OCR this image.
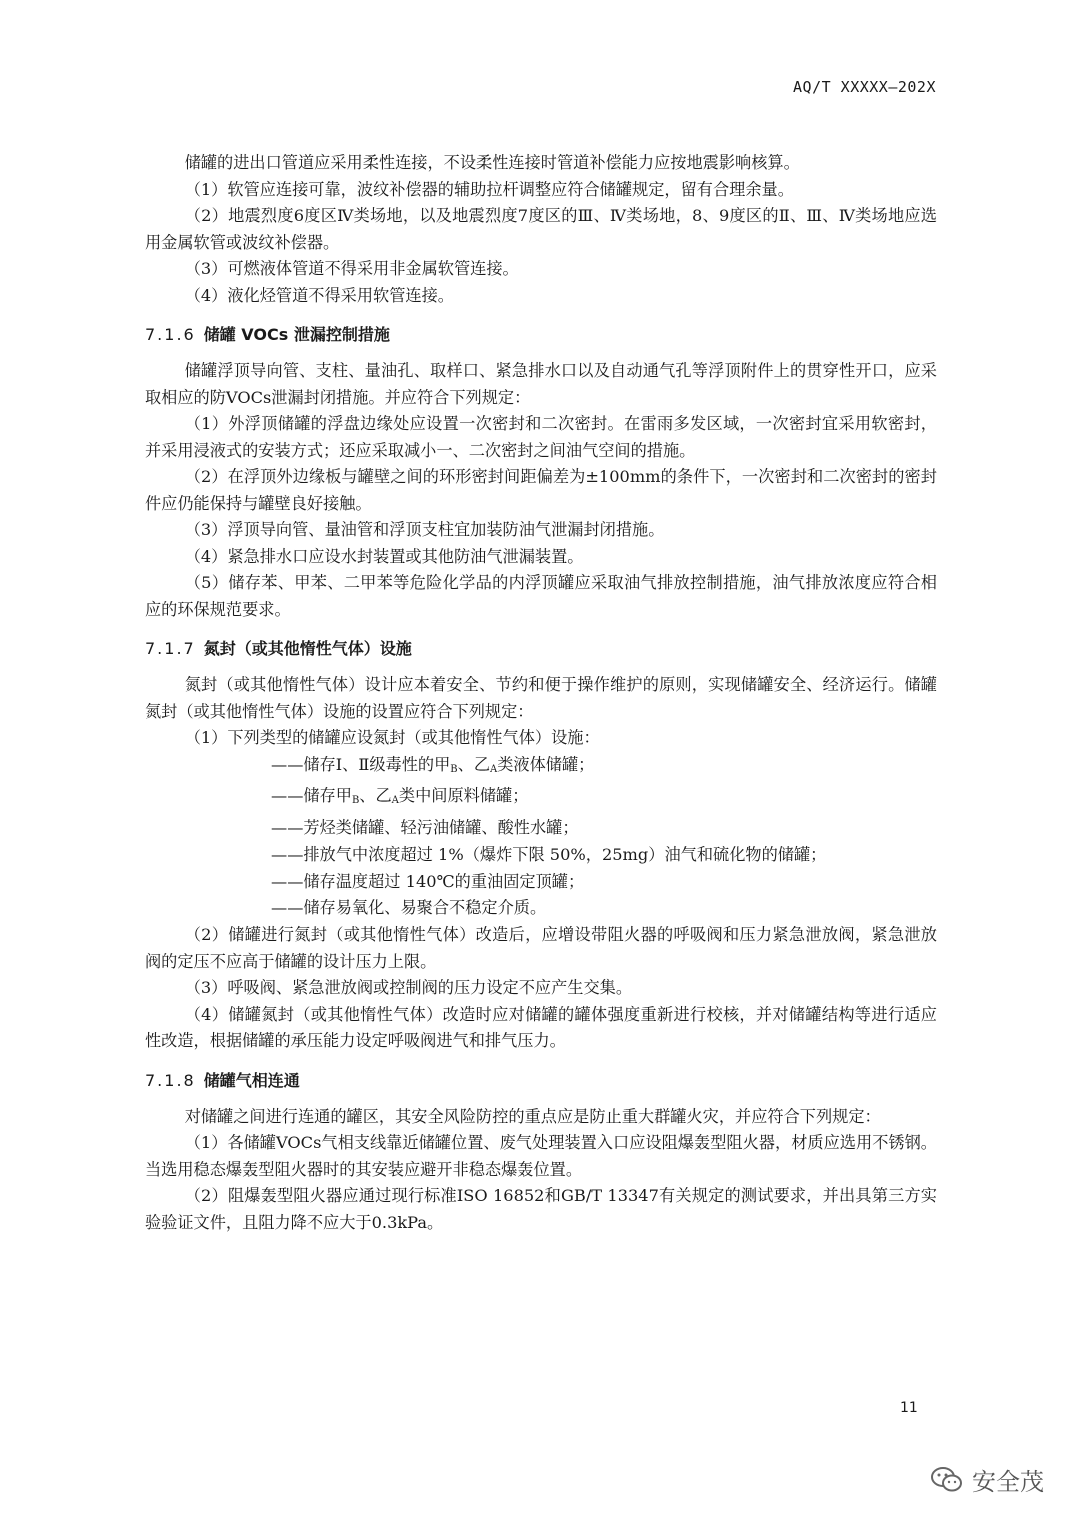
AQ/T XXXXX—202X

储罐的进出口管道应采用柔性连接，不设柔性连接时管道补偿能力应按地震影响核算。

（1）软管应连接可靠，波纹补偿器的辅助拉杆调整应符合储罐规定，留有合理余量。

（2）地震烈度6度区Ⅳ类场地，以及地震烈度7度区的Ⅲ、Ⅳ类场地，8、9度区的Ⅱ、Ⅲ、Ⅳ类场地应选用金属软管或波纹补偿器。

（3）可燃液体管道不得采用非金属软管连接。

（4）液化烃管道不得采用软管连接。

7.1.6 储罐 VOCs 泄漏控制措施

储罐浮顶导向管、支柱、量油孔、取样口、紧急排水口以及自动通气孔等浮顶附件上的贯穿性开口，应采取相应的防VOCs泄漏封闭措施。并应符合下列规定：

（1）外浮顶储罐的浮盘边缘处应设置一次密封和二次密封。在雷雨多发区域，一次密封宜采用软密封，并采用浸液式的安装方式；还应采取减小一、二次密封之间油气空间的措施。

（2）在浮顶外边缘板与罐壁之间的环形密封间距偏差为±100mm的条件下，一次密封和二次密封的密封件应仍能保持与罐壁良好接触。

（3）浮顶导向管、量油管和浮顶支柱宜加装防油气泄漏封闭措施。

（4）紧急排水口应设水封装置或其他防油气泄漏装置。

（5）储存苯、甲苯、二甲苯等危险化学品的内浮顶罐应采取油气排放控制措施，油气排放浓度应符合相应的环保规范要求。

7.1.7 氮封（或其他惰性气体）设施

氮封（或其他惰性气体）设计应本着安全、节约和便于操作维护的原则，实现储罐安全、经济运行。储罐氮封（或其他惰性气体）设施的设置应符合下列规定：

（1）下列类型的储罐应设氮封（或其他惰性气体）设施：

——储存Ⅰ、Ⅱ级毒性的甲$_B$、乙$_A$类液体储罐；

——储存甲$_B$、乙$_A$类中间原料储罐；

——芳烃类储罐、轻污油储罐、酸性水罐；

——排放气中浓度超过 1%（爆炸下限 50%，25mg）油气和硫化物的储罐；

——储存温度超过 140℃的重油固定顶罐；

——储存易氧化、易聚合不稳定介质。

（2）储罐进行氮封（或其他惰性气体）改造后，应增设带阻火器的呼吸阀和压力紧急泄放阀，紧急泄放阀的定压不应高于储罐的设计压力上限。

（3）呼吸阀、紧急泄放阀或控制阀的压力设定不应产生交集。

（4）储罐氮封（或其他惰性气体）改造时应对储罐的罐体强度重新进行校核，并对储罐结构等进行适应性改造，根据储罐的承压能力设定呼吸阀进气和排气压力。

7.1.8 储罐气相连通

对储罐之间进行连通的罐区，其安全风险防控的重点应是防止重大群罐火灾，并应符合下列规定：

（1）各储罐VOCs气相支线靠近储罐位置、废气处理装置入口应设阻爆轰型阻火器，材质应选用不锈钢。当选用稳态爆轰型阻火器时的其安装应避开非稳态爆轰位置。

（2）阻爆轰型阻火器应通过现行标准ISO 16852和GB/T 13347有关规定的测试要求，并出具第三方实验验证文件，且阻力降不应大于0.3kPa。

11
安全茂
